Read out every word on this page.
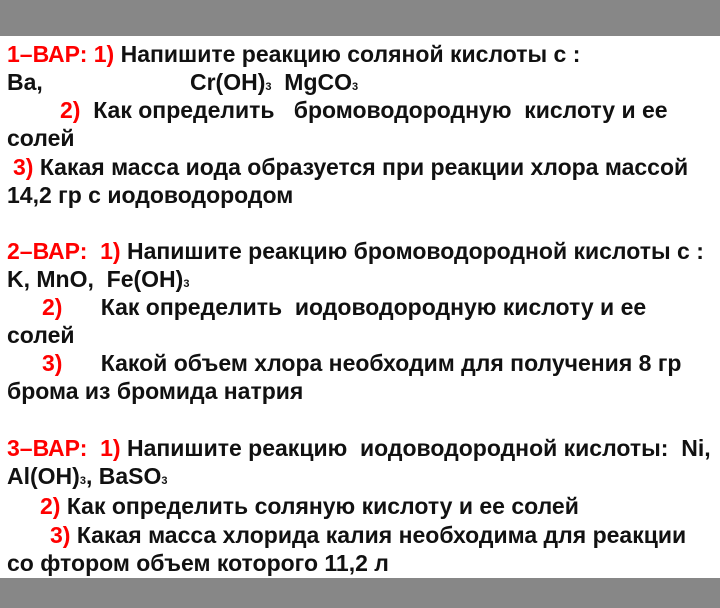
1–ВАР: 1) Напишите реакцию соляной кислоты с :
Ba,	Cr(OH)3 MgCO3
2) Как определить   бромоводородную  кислоту и ее
солей
3) Какая масса иода образуется при реакции хлора массой
14,2 гр с иодоводородом
2–ВАР:  1) Напишите реакцию бромоводородной кислоты с :
K, MnO,  Fe(OH)3
2) Как определить  иодоводородную кислоту и ее
солей
3) Какой объем хлора необходим для получения 8 гр
брома из бромида натрия
3–ВАР:  1) Напишите реакцию  иодоводородной кислоты:  Ni,
Al(OH)3, BaSO3
2) Как определить соляную кислоту и ее солей
3) Какая масса хлорида калия необходима для реакции
со фтором объем которого 11,2 л
